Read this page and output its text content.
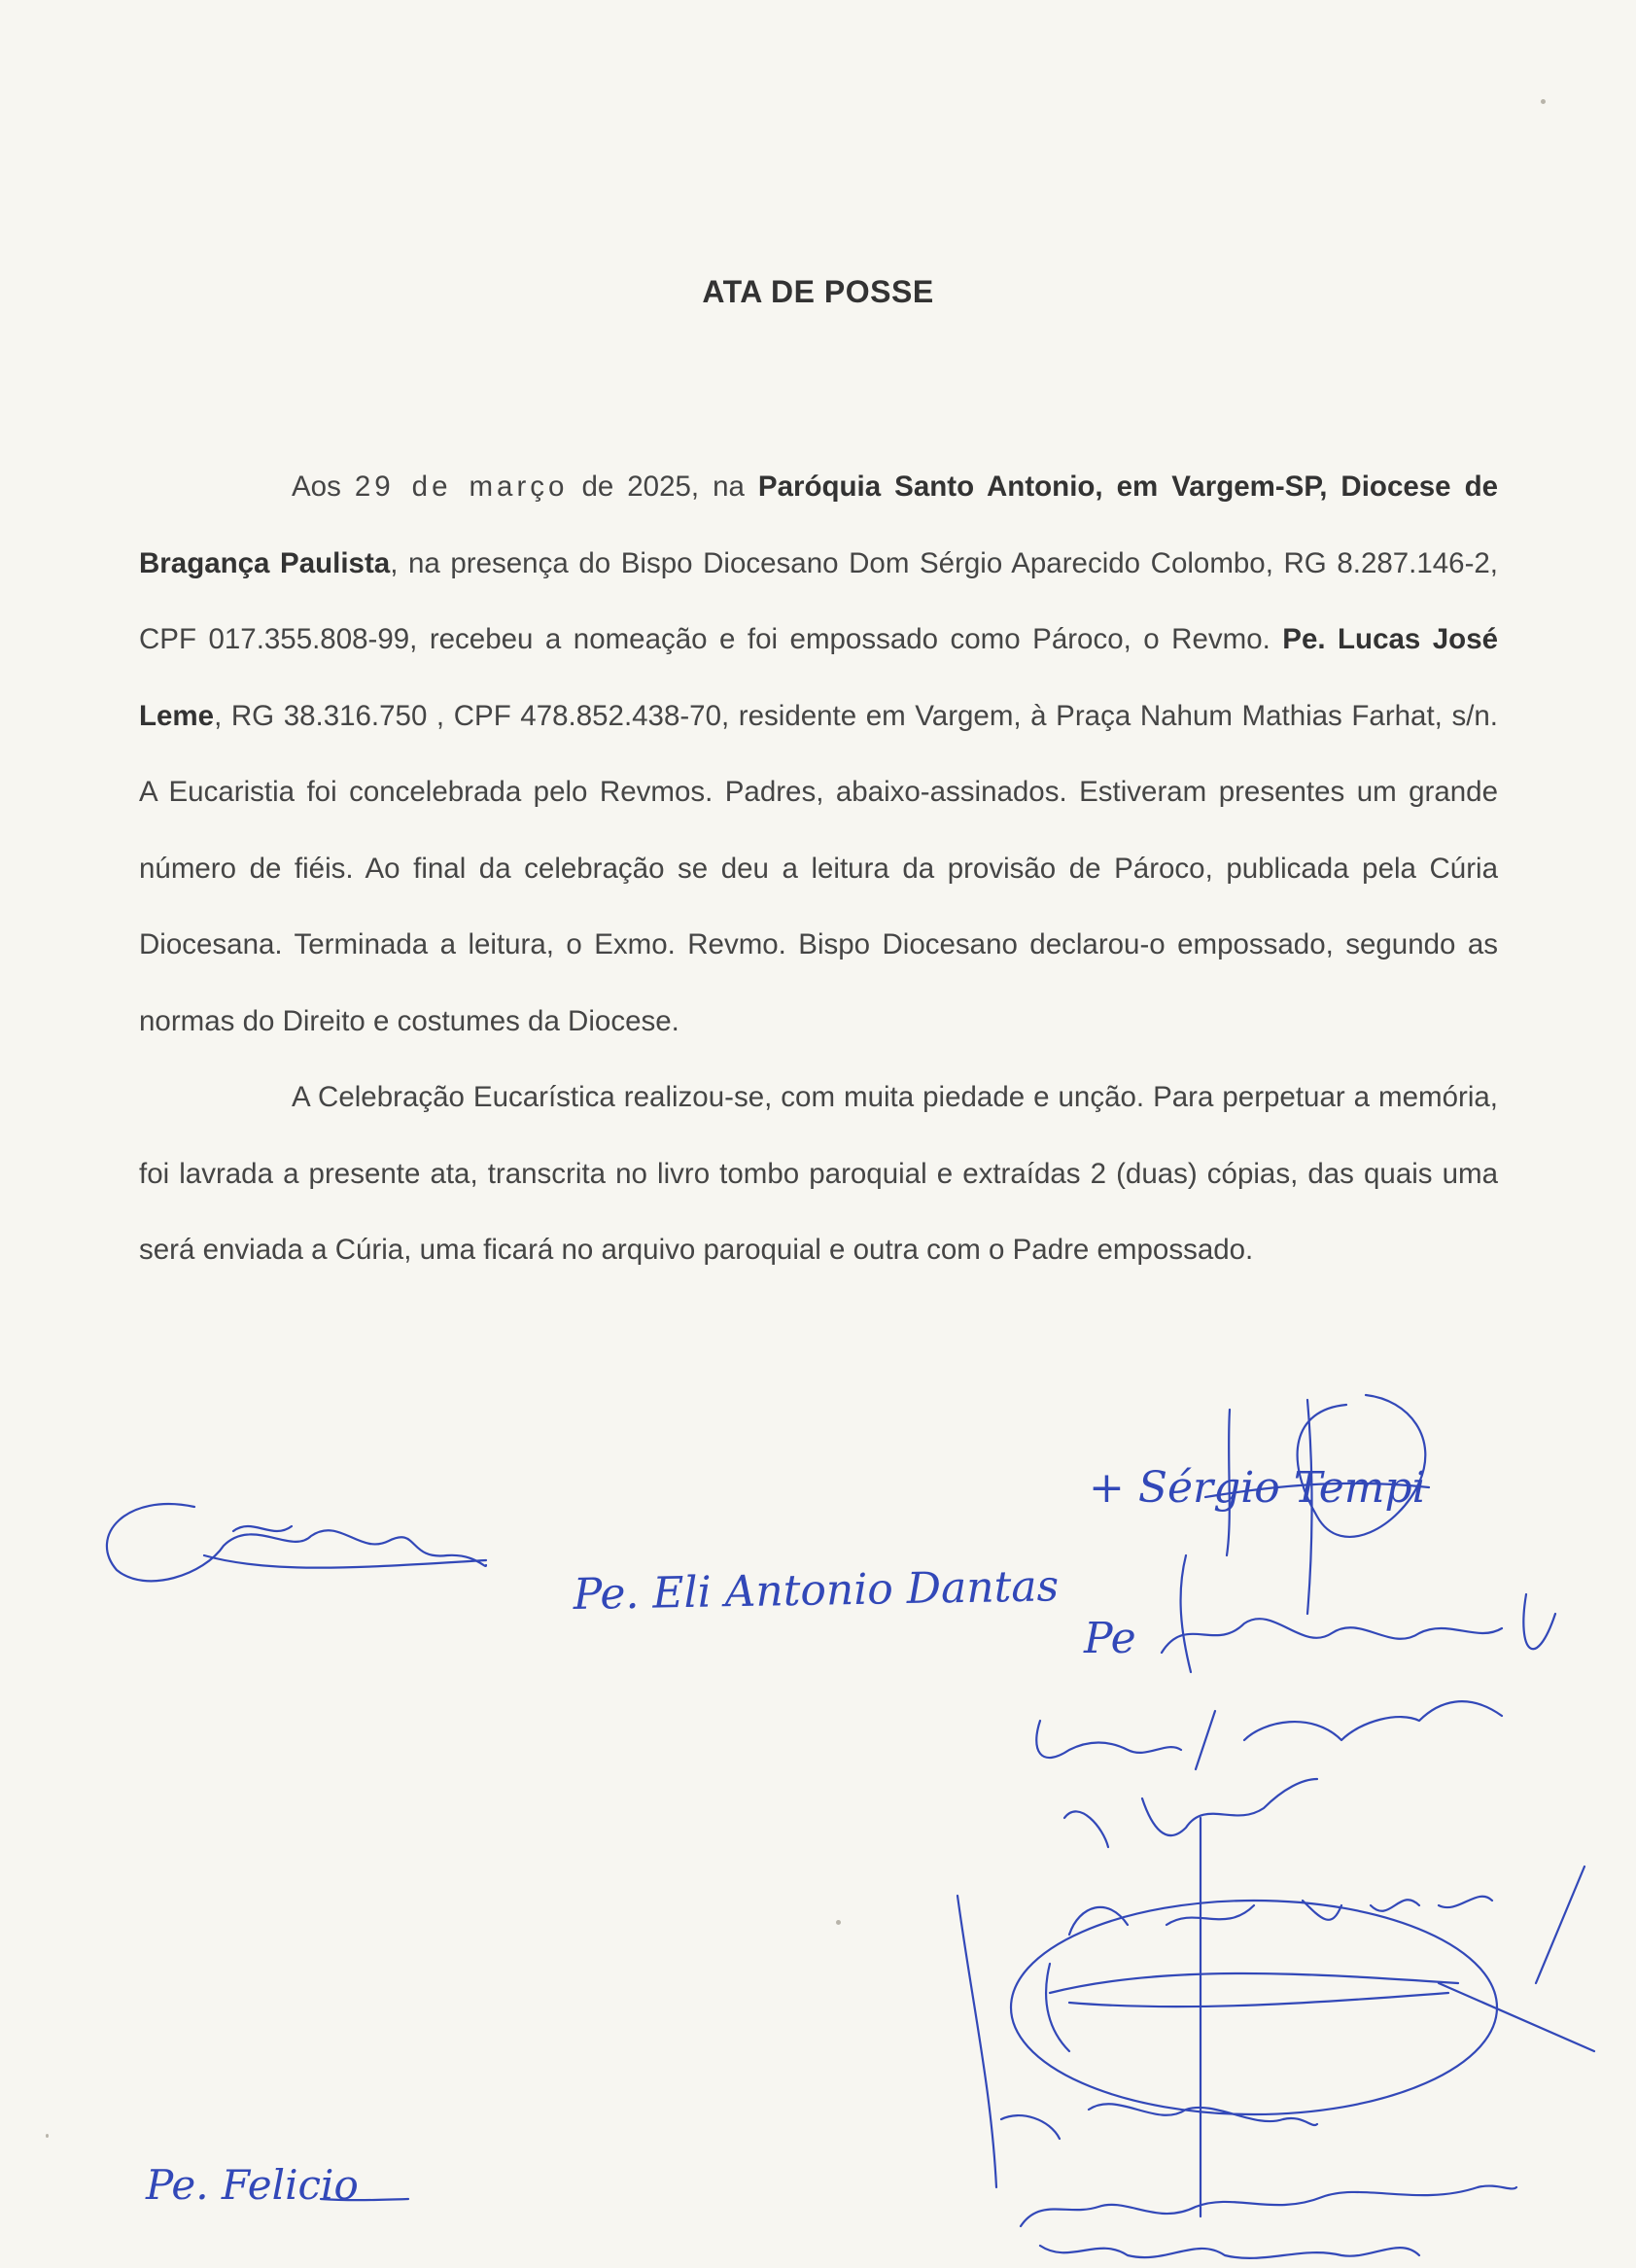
ATA DE POSSE

Aos 29 de março de 2025, na Paróquia Santo Antonio, em Vargem-SP, Diocese de Bragança Paulista, na presença do Bispo Diocesano Dom Sérgio Aparecido Colombo, RG 8.287.146-2, CPF 017.355.808-99, recebeu a nomeação e foi empossado como Pároco, o Revmo. Pe. Lucas José Leme, RG 38.316.750 , CPF 478.852.438-70, residente em Vargem, à Praça Nahum Mathias Farhat, s/n. A Eucaristia foi concelebrada pelo Revmos. Padres, abaixo-assinados. Estiveram presentes um grande número de fiéis. Ao final da celebração se deu a leitura da provisão de Pároco, publicada pela Cúria Diocesana. Terminada a leitura, o Exmo. Revmo. Bispo Diocesano declarou-o empossado, segundo as normas do Direito e costumes da Diocese.

A Celebração Eucarística realizou-se, com muita piedade e unção. Para perpetuar a memória, foi lavrada a presente ata, transcrita no livro tombo paroquial e extraídas 2 (duas) cópias, das quais uma será enviada a Cúria, uma ficará no arquivo paroquial e outra com o Padre empossado.

+ Sérgio Tempi
Pe. Eli Antonio Dantas
Pe
Pe. Felicio
